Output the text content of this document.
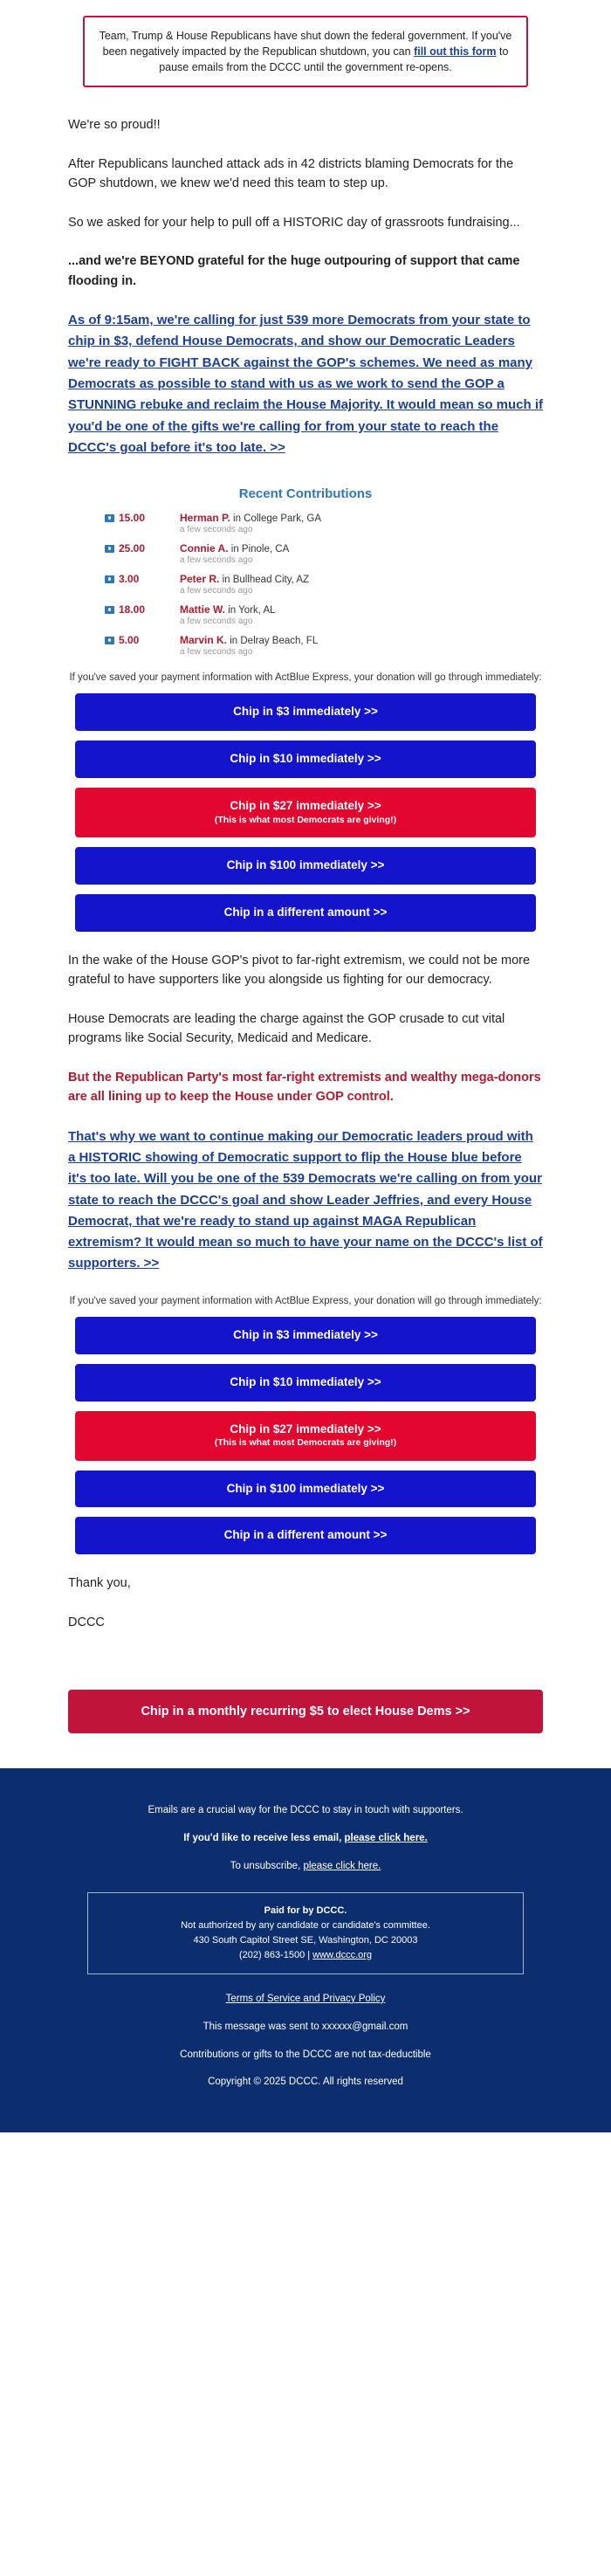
Team, Trump & House Republicans have shut down the federal government. If you've been negatively impacted by the Republican shutdown, you can fill out this form to pause emails from the DCCC until the government re-opens.

We're so proud!!

After Republicans launched attack ads in 42 districts blaming Democrats for the GOP shutdown, we knew we'd need this team to step up.

So we asked for your help to pull off a HISTORIC day of grassroots fundraising...

...and we're BEYOND grateful for the huge outpouring of support that came flooding in.

As of 9:15am, we're calling for just 539 more Democrats from your state to chip in $3, defend House Democrats, and show our Democratic Leaders we're ready to FIGHT BACK against the GOP's schemes. We need as many Democrats as possible to stand with us as we work to send the GOP a STUNNING rebuke and reclaim the House Majority. It would mean so much if you'd be one of the gifts we're calling for from your state to reach the DCCC's goal before it's too late. >>

Recent Contributions
15.00	Herman P. in College Park, GA
a few seconds ago
25.00	Connie A. in Pinole, CA
a few seconds ago
3.00	Peter R. in Bullhead City, AZ
a few seconds ago
18.00	Mattie W. in York, AL
a few seconds ago
5.00	Marvin K. in Delray Beach, FL
a few seconds ago
If you've saved your payment information with ActBlue Express, your donation will go through immediately:
Chip in $3 immediately >>
Chip in $10 immediately >>
Chip in $27 immediately >>
(This is what most Democrats are giving!)
Chip in $100 immediately >>
Chip in a different amount >>

In the wake of the House GOP's pivot to far-right extremism, we could not be more grateful to have supporters like you alongside us fighting for our democracy.

House Democrats are leading the charge against the GOP crusade to cut vital programs like Social Security, Medicaid and Medicare.

But the Republican Party's most far-right extremists and wealthy mega-donors are all lining up to keep the House under GOP control.

That's why we want to continue making our Democratic leaders proud with a HISTORIC showing of Democratic support to flip the House blue before it's too late. Will you be one of the 539 Democrats we're calling on from your state to reach the DCCC's goal and show Leader Jeffries, and every House Democrat, that we're ready to stand up against MAGA Republican extremism? It would mean so much to have your name on the DCCC's list of supporters. >>

If you've saved your payment information with ActBlue Express, your donation will go through immediately:
Chip in $3 immediately >>
Chip in $10 immediately >>
Chip in $27 immediately >>
(This is what most Democrats are giving!)
Chip in $100 immediately >>
Chip in a different amount >>

Thank you,

DCCC

Chip in a monthly recurring $5 to elect House Dems >>

Emails are a crucial way for the DCCC to stay in touch with supporters.

If you'd like to receive less email, please click here.

To unsubscribe, please click here.

Paid for by DCCC.
Not authorized by any candidate or candidate's committee.
430 South Capitol Street SE, Washington, DC 20003
(202) 863-1500 | www.dccc.org

Terms of Service and Privacy Policy

This message was sent to xxxxxx@gmail.com

Contributions or gifts to the DCCC are not tax-deductible

Copyright © 2025 DCCC. All rights reserved
